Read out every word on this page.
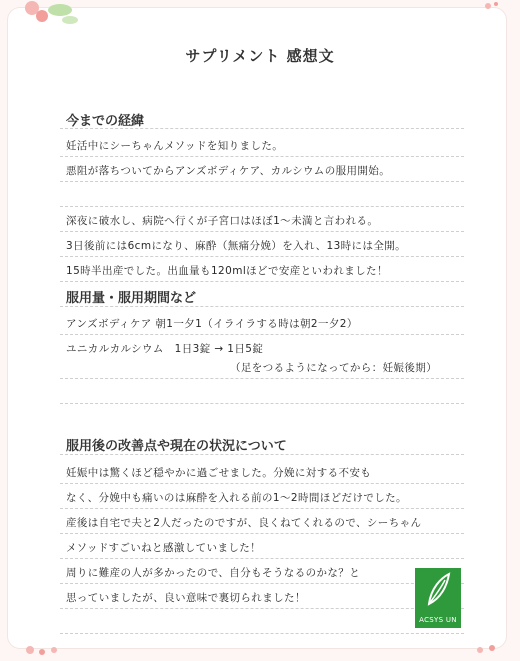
サプリメント 感想文
今までの経緯
妊活中にシーちゃんメソッドを知りました。
悪阻が落ちついてからアンズボディケア、カルシウムの服用開始。
深夜に破水し、病院へ行くが子宮口はほぼ1～未満と言われる。
3日後前には6cmになり、麻酔（無痛分娩）を入れ、13時には全開。
15時半出産でした。出血量も120mlほどで安産といわれました！
服用量・服用期間など
アンズボディケア 朝1一夕1（イライラする時は朝2一夕2）
ユニカルカルシウム　1日3錠 → 1日5錠
（足をつるようになってから：妊娠後期）
服用後の改善点や現在の状況について
妊娠中は驚くほど穏やかに過ごせました。分娩に対する不安も
なく、分娩中も痛いのは麻酔を入れる前の1～2時間ほどだけでした。
産後は自宅で夫と2人だったのですが、良くねてくれるので、シーちゃん
メソッドすごいねと感激していました！
周りに難産の人が多かったので、自分もそうなるのかな？と
思っていましたが、良い意味で裏切られました！
ACSYS UN
